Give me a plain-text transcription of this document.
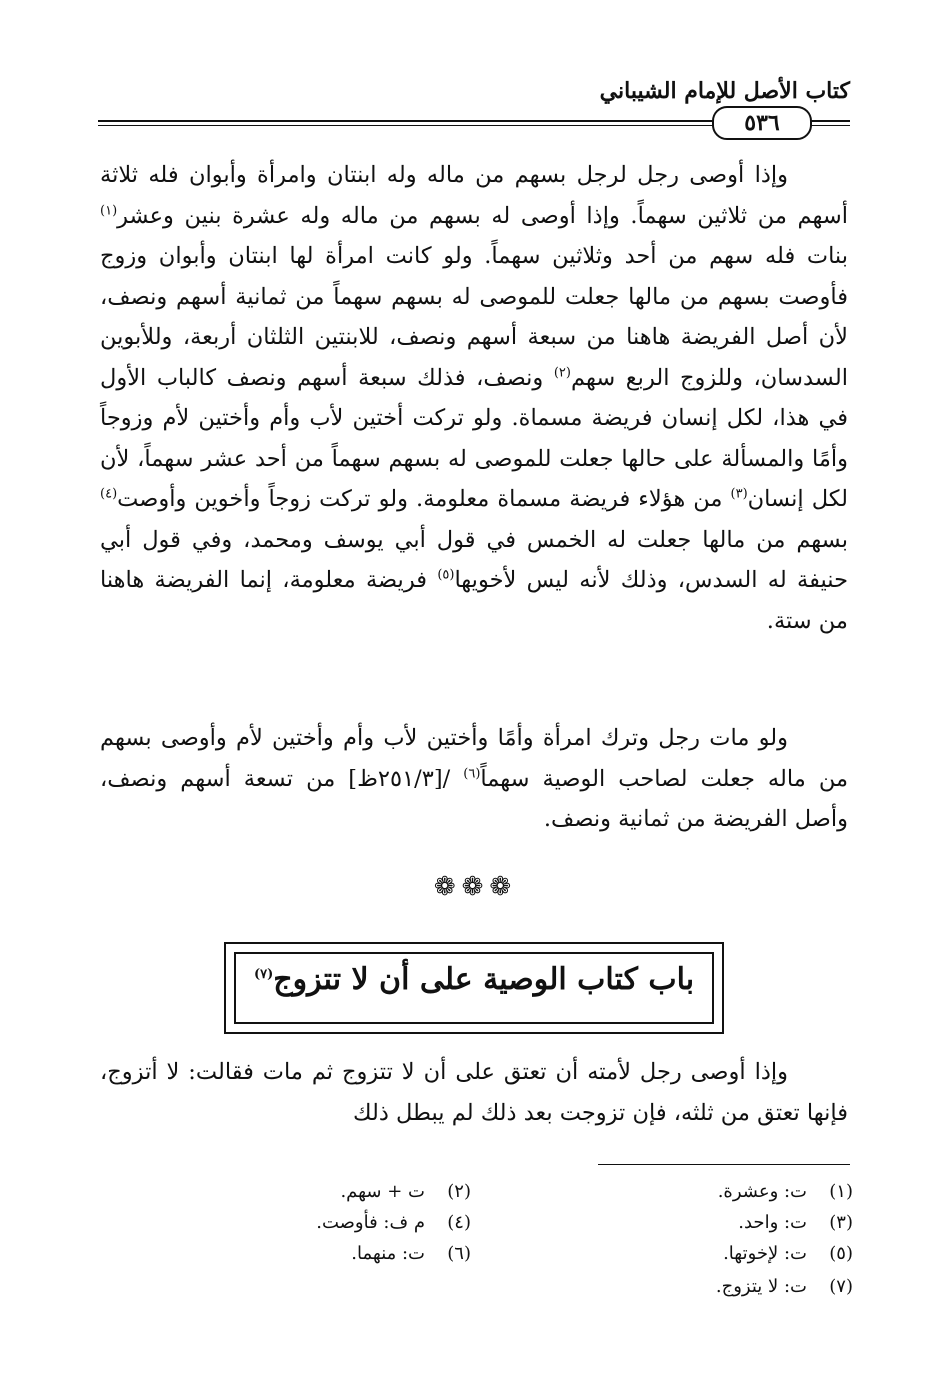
كتاب الأصل للإمام الشيباني
٥٣٦

وإذا أوصى رجل لرجل بسهم من ماله وله ابنتان وامرأة وأبوان فله ثلاثة أسهم من ثلاثين سهماً. وإذا أوصى له بسهم من ماله وله عشرة بنين وعشر$^{(١)}$ بنات فله سهم من أحد وثلاثين سهماً. ولو كانت امرأة لها ابنتان وأبوان وزوج فأوصت بسهم من مالها جعلت للموصى له بسهم سهماً من ثمانية أسهم ونصف، لأن أصل الفريضة هاهنا من سبعة أسهم ونصف، للابنتين الثلثان أربعة، وللأبوين السدسان، وللزوج الربع سهم$^{(٢)}$ ونصف، فذلك سبعة أسهم ونصف كالباب الأول في هذا، لكل إنسان فريضة مسماة. ولو تركت أختين لأب وأم وأختين لأم وزوجاً وأمًا والمسألة على حالها جعلت للموصى له بسهم سهماً من أحد عشر سهماً، لأن لكل إنسان$^{(٣)}$ من هؤلاء فريضة مسماة معلومة. ولو تركت زوجاً وأخوين وأوصت$^{(٤)}$ بسهم من مالها جعلت له الخمس في قول أبي يوسف ومحمد، وفي قول أبي حنيفة له السدس، وذلك لأنه ليس لأخويها$^{(٥)}$ فريضة معلومة، إنما الفريضة هاهنا من ستة.

ولو مات رجل وترك امرأة وأمًا وأختين لأب وأم وأختين لأم وأوصى بسهم من ماله جعلت لصاحب الوصية سهماً$^{(٦)}$ /[٢٥١/٣ظ] من تسعة أسهم ونصف، وأصل الفريضة من ثمانية ونصف.

❁❁❁
باب كتاب الوصية على أن لا تتزوج$^{(٧)}$

وإذا أوصى رجل لأمته أن تعتق على أن لا تتزوج ثم مات فقالت: لا أتزوج، فإنها تعتق من ثلثه، فإن تزوجت بعد ذلك لم يبطل ذلك

(١)ت: وعشرة.
(٢)ت + سهم.
(٣)ت: واحد.
(٤)م ف: فأوصت.
(٥)ت: لإخوتها.
(٦)ت: منهما.
(٧)ت: لا يتزوج.
